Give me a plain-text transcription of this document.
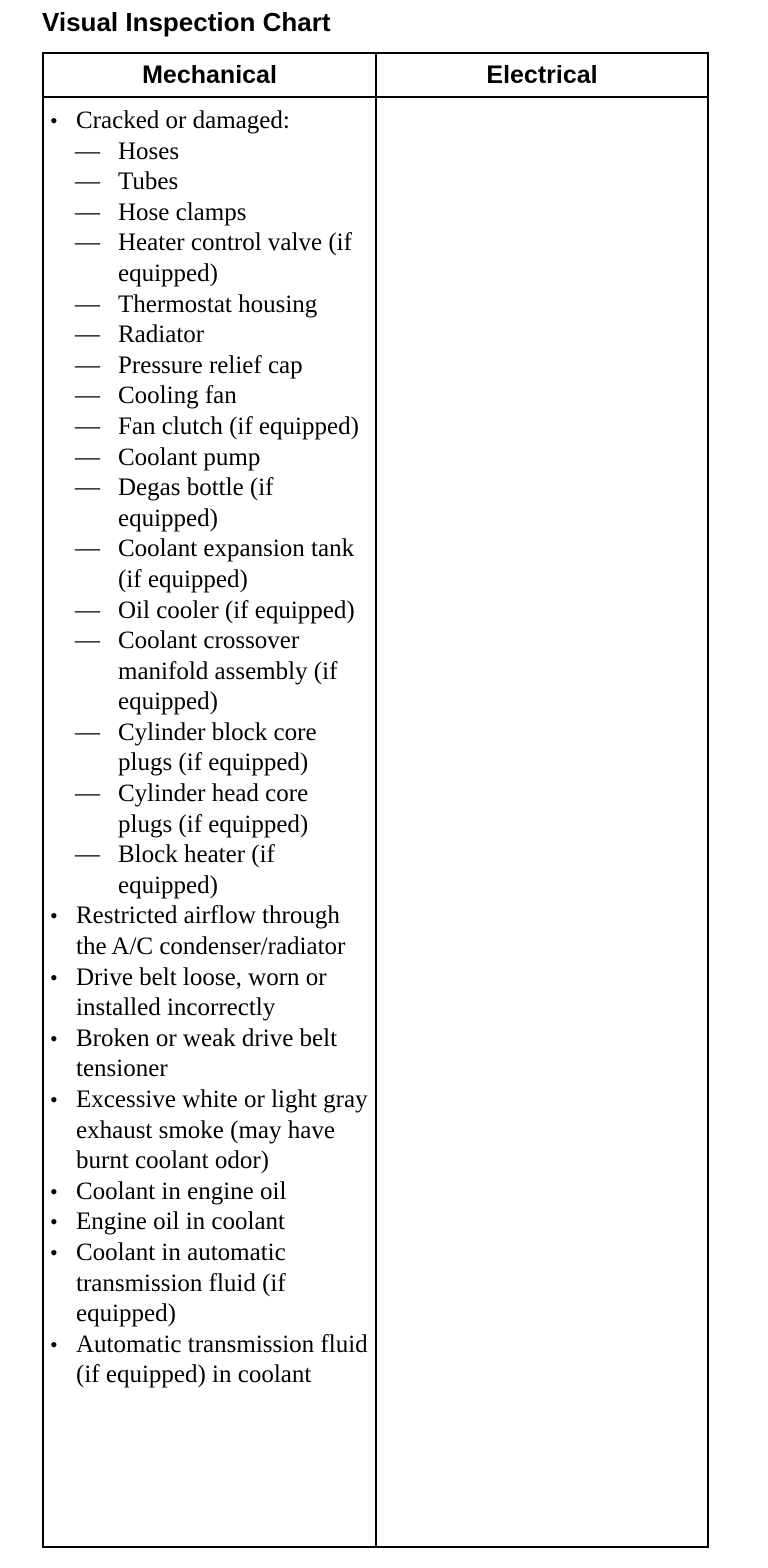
Visual Inspection Chart
Mechanical	Electrical
• Cracked or damaged:
— Hoses
— Tubes
— Hose clamps
— Heater control valve (if equipped)
— Thermostat housing
— Radiator
— Pressure relief cap
— Cooling fan
— Fan clutch (if equipped)
— Coolant pump
— Degas bottle (if equipped)
— Coolant expansion tank (if equipped)
— Oil cooler (if equipped)
— Coolant crossover manifold assembly (if equipped)
— Cylinder block core plugs (if equipped)
— Cylinder head core plugs (if equipped)
— Block heater (if equipped)
• Restricted airflow through the A/C condenser/radiator
• Drive belt loose, worn or installed incorrectly
• Broken or weak drive belt tensioner
• Excessive white or light gray exhaust smoke (may have burnt coolant odor)
• Coolant in engine oil
• Engine oil in coolant
• Coolant in automatic transmission fluid (if equipped)
• Automatic transmission fluid (if equipped) in coolant
